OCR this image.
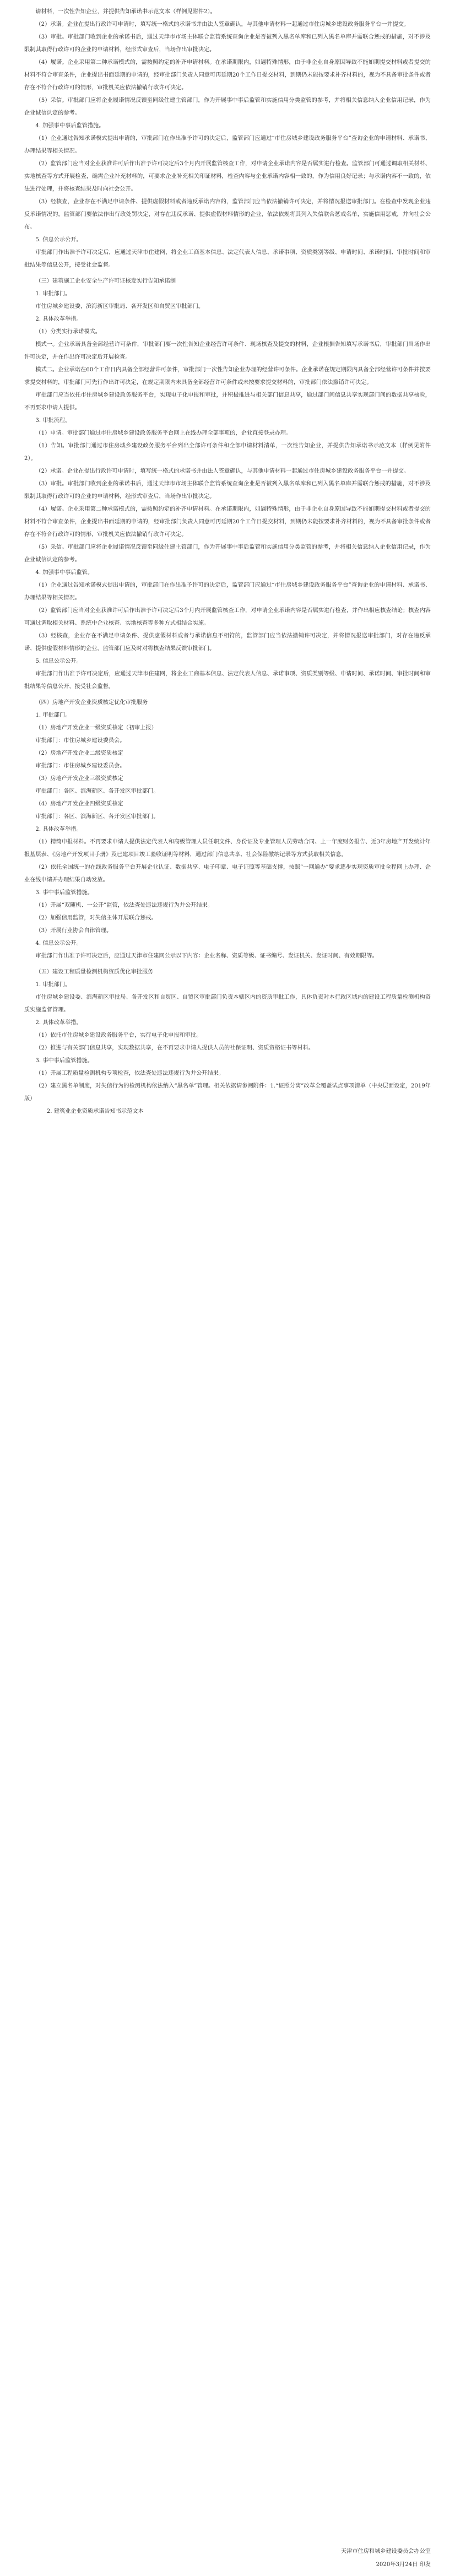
请材料，一次性告知企业，并提供告知承诺书示范文本（样例见附件2）。

（2）承诺。企业在提出行政许可申请时，填写统一格式的承诺书并由法人签章确认，与其他申请材料一起通过市住房城乡建设政务服务平台一并提交。

（3）审批。审批部门收到企业的承诺书后，通过天津市市场主体联合监管系统查询企业是否被列入黑名单库和已列入黑名单库并需联合惩戒的措施，对不涉及限制其取得行政许可的企业的申请材料，经形式审查后，当场作出审批决定。

（4）履诺。企业采用第二种承诺模式的，需按照约定的补齐申请材料。在承诺期限内，如遇特殊情形，由于非企业自身原因导致不能如期提交材料或者提交的材料不符合审查条件，企业提出书面延期的申请的，经审批部门负责人同意可再延期20个工作日提交材料，到期仍未能按要求补齐材料的，视为不具备审批条件或者存在不符合行政许可的情形，审批机关应依法撤销行政许可决定。

（5）采信。审批部门应将企业履诺情况反馈至同级住建主管部门，作为开展事中事后监管和实施信用分类监管的参考，并将相关信息纳入企业信用记录，作为企业诚信认定的参考。

4. 加强事中事后监管措施。

（1）企业通过告知承诺模式提出申请的，审批部门在作出准予许可的决定后，监管部门应通过“市住房城乡建设政务服务平台”查询企业的申请材料、承诺书、办理结果等相关情况。

（2）监管部门应当对企业获准许可后作出准予许可决定后3个月内开展监管核查工作，对申请企业承诺内容是否属实进行检查。监管部门可通过调取相关材料、实地核查等方式开展检查，确需企业补充材料的，可要求企业补充相关印证材料，检查内容与企业承诺内容相一致的，作为信用良好记录；与承诺内容不一致的，依法进行处理，并将核查结果及时向社会公开。

（3）经核查，企业存在不满足申请条件、提供虚假材料或者违反承诺内容的，监管部门应当依法撤销许可决定，并将情况报送审批部门。在检查中发现企业违反承诺情况的，监管部门要依法作出行政处罚决定，对存在违反承诺、提供虚假材料情形的企业，依法依规将其列入失信联合惩戒名单，实施信用惩戒，并向社会公布。

5. 信息公示公开。

审批部门作出准予许可决定后，应通过天津市住建网，将企业工商基本信息、法定代表人信息、承诺事项、资质类别等级、申请时间、承诺时间、审批时间和审批结果等信息公开，接受社会监督。

（三）建筑施工企业安全生产许可证核发实行告知承诺制

1. 审批部门。

市住房城乡建设委，滨海新区审批局、各开发区和自贸区审批部门。

2. 具体改革举措。

（1）分类实行承诺模式。

模式一。企业承诺具备全部经营许可条件，审批部门要一次性告知企业经营许可条件、现场核查及提交的材料，企业根据告知填写承诺书后，审批部门当场作出许可决定，并在作出许可决定后开展检查。

模式二。企业承诺在60个工作日内具备全部经营许可条件，审批部门一次性告知企业办理的经营许可条件。企业承诺在规定期限内具备全部经营许可条件并按要求提交材料的，审批部门可先行作出许可决定，在规定期限内未具备全部经营许可条件或未按要求提交材料的，审批部门依法撤销许可决定。

审批部门应当依托市住房城乡建设政务服务平台，实现电子化申报和审批，并积极推进与相关部门信息共享，通过部门间信息共享实现部门间的数据共享核验，不再要求申请人提供。

3. 审批流程。

（1）申请。审批部门通过市住房城乡建设政务服务平台网上在线办理全部事项的，企业直接登录办理。

（1）告知。审批部门通过市住房城乡建设政务服务平台列出全部许可条件和全部申请材料清单，一次性告知企业，并提供告知承诺书示范文本（样例见附件2）。

（2）承诺。企业在提出行政许可申请时，填写统一格式的承诺书并由法人签章确认，与其他申请材料一起通过市住房城乡建设政务服务平台一并提交。

（3）审批。审批部门收到企业的承诺书后，通过天津市市场主体联合监管系统查询企业是否被列入黑名单库和已列入黑名单库并需联合惩戒的措施，对不涉及限制其取得行政许可的企业的申请材料，经形式审查后，当场作出审批决定。

（4）履诺。企业采用第二种承诺模式的，需按照约定的补齐申请材料。在承诺期限内，如遇特殊情形，由于非企业自身原因导致不能如期提交材料或者提交的材料不符合审查条件，企业提出书面延期的申请的，经审批部门负责人同意可再延期20个工作日提交材料，到期仍未能按要求补齐材料的，视为不具备审批条件或者存在不符合行政许可的情形，审批机关应依法撤销行政许可决定。

（5）采信。审批部门应将企业履诺情况反馈至同级住建主管部门，作为开展事中事后监管和实施信用分类监管的参考，并将相关信息纳入企业信用记录，作为企业诚信认定的参考。

4. 加强事中事后监管。

（1）企业通过告知承诺模式提出申请的，审批部门在作出准予许可的决定后，监管部门应通过“市住房城乡建设政务服务平台”查询企业的申请材料、承诺书、办理结果等相关情况。

（2）监管部门应当对企业获准许可后作出准予许可决定后3个月内开展监管核查工作，对申请企业承诺内容是否属实进行检查，并作出相应核查结论；核查内容可通过调取相关材料、系统中企业核查、实地核查等多种方式相结合实施。

（3）经核查，企业存在不满足申请条件、提供虚假材料或者与承诺信息不相符的，监管部门应当依法撤销许可决定，并将情况报送审批部门，对存在违反承诺、提供虚假材料情形的企业，监管部门应及时对将核查结果反馈审批部门。

5. 信息公示公开。

审批部门作出准予许可决定后，应通过天津市住建网，将企业工商基本信息、法定代表人信息、承诺事项、资质类别等级、申请时间、承诺时间、审批时间和审批结果等信息公开，接受社会监督。

（四）房地产开发企业资质核定优化审批服务

1. 审批部门。

（1）房地产开发企业一级资质核定（初审上报）

审批部门：市住房城乡建设委员会。

（2）房地产开发企业二级资质核定

审批部门：市住房城乡建设委员会。

（3）房地产开发企业三级资质核定

审批部门：各区、滨海新区、各开发区审批部门。

（4）房地产开发企业四级资质核定

审批部门：各区、滨海新区、各开发区审批部门。

2. 具体改革举措。

（1）精简申报材料。不再要求申请人提供法定代表人和高级管理人员任职文件、身份证及专业管理人员劳动合同、上一年度财务报告、近3年房地产开发统计年报基层表、《房地产开发项目手册》及已建项目竣工验收证明等材料，通过部门信息共享、社会保险缴纳记录等方式获取相关信息。

（2）依托全国统一的在线政务服务平台开展企业认证、数据共享、电子印章、电子证照等基础支撑，按照“一网通办”要求逐步实现资质审批全程网上办理、企业在线申请并办理结果自动发放。

3. 事中事后监管措施。

（1）开展“双随机、一公开”监管，依法查处违法违规行为并公开结果。

（2）加强信用监管，对失信主体开展联合惩戒。

（3）开展行业协会自律管理。

4. 信息公示公开。

审批部门作出准予许可决定后，应通过天津市住建网公示以下内容：企业名称、资质等级、证书编号、发证机关、发证时间、有效期限等。

（五）建设工程质量检测机构资质优化审批服务

1. 审批部门。

市住房城乡建设委、滨海新区审批局、各开发区和自贸区、自贸区审批部门负责本辖区内的资质审批工作，具体负责对本行政区域内的建设工程质量检测机构资质实施监督管理。

2. 具体改革举措。

（1）依托市住房城乡建设政务服务平台，实行电子化申报和审批。

（2）推进与有关部门信息共享，实现数据共享，在不再要求申请人提供人员的社保证明、资质资格证书等材料。

3. 事中事后监管措施。

（1）开展工程质量检测机构专项检查，依法查处违法违规行为并公开结果。

（2）建立黑名单制度，对失信行为的检测机构依法纳入“黑名单”管理。相关依据请参阅附件：1.“证照分离”改革全覆盖试点事项清单（中央层面设定，2019年版）

2. 建筑业企业资质承诺告知书示范文本

天津市住房和城乡建设委员会办公室
2020年3月24日 印发
